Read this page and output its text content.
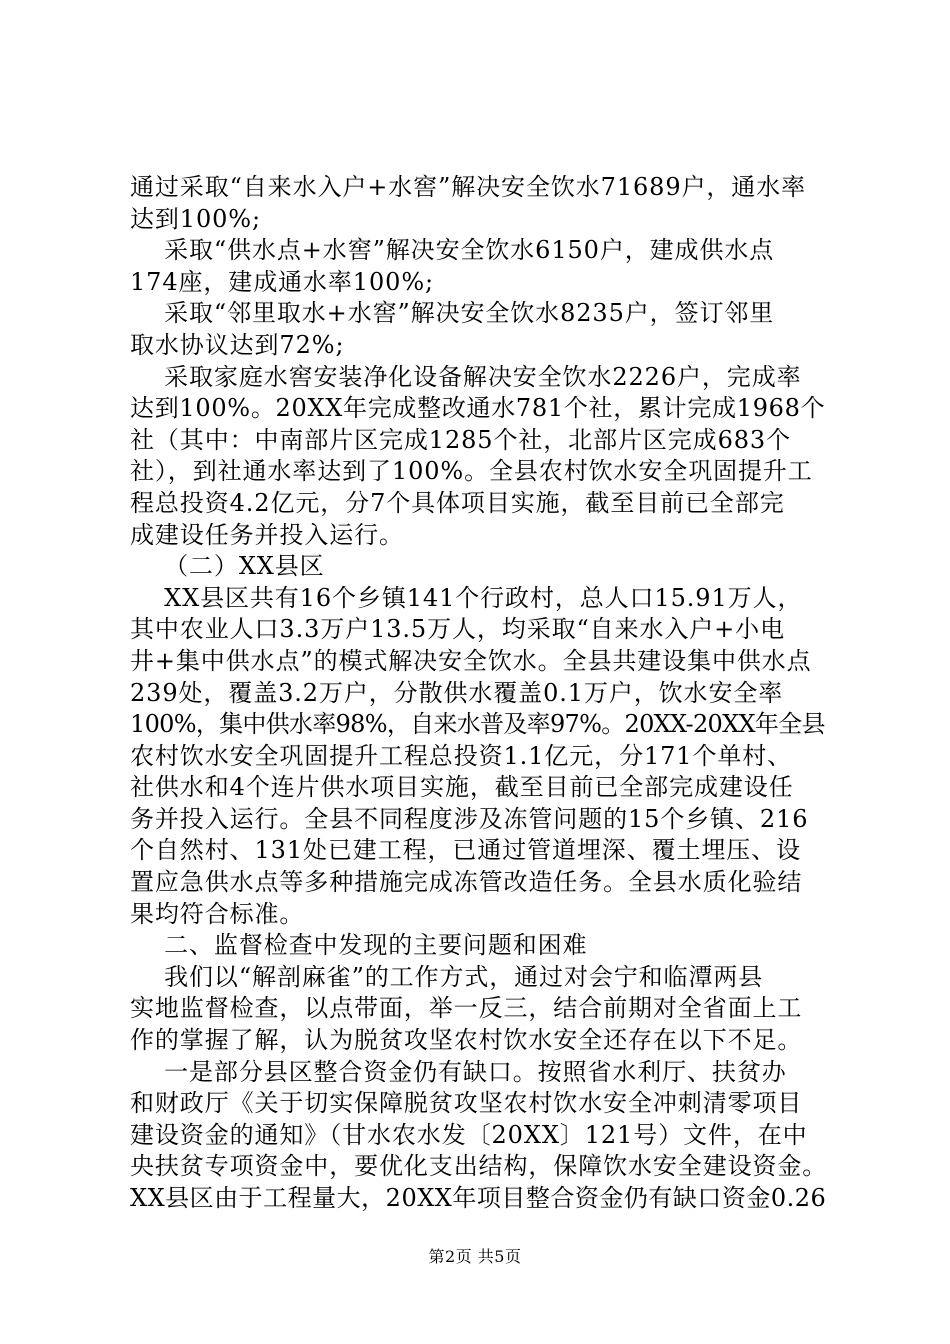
通过采取“自来水入户+水窖”解决安全饮水71689户，通水率
达到100%;
采取“供水点+水窖”解决安全饮水6150户，建成供水点
174座，建成通水率100%;
采取“邻里取水+水窖”解决安全饮水8235户，签订邻里
取水协议达到72%;
采取家庭水窖安装净化设备解决安全饮水2226户，完成率
达到100%。20XX年完成整改通水781个社，累计完成1968个
社（其中：中南部片区完成1285个社，北部片区完成683个
社），到社通水率达到了100%。全县农村饮水安全巩固提升工
程总投资4.2亿元，分7个具体项目实施，截至目前已全部完
成建设任务并投入运行。
（二）XX县区
XX县区共有16个乡镇141个行政村，总人口15.91万人，
其中农业人口3.3万户13.5万人，均采取“自来水入户+小电
井+集中供水点”的模式解决安全饮水。全县共建设集中供水点
239处，覆盖3.2万户，分散供水覆盖0.1万户，饮水安全率
100%，集中供水率98%，自来水普及率97%。20XX-20XX年全县
农村饮水安全巩固提升工程总投资1.1亿元，分171个单村、
社供水和4个连片供水项目实施，截至目前已全部完成建设任
务并投入运行。全县不同程度涉及冻管问题的15个乡镇、216
个自然村、131处已建工程，已通过管道埋深、覆土埋压、设
置应急供水点等多种措施完成冻管改造任务。全县水质化验结
果均符合标准。
二、监督检查中发现的主要问题和困难
我们以“解剖麻雀”的工作方式，通过对会宁和临潭两县
实地监督检查，以点带面，举一反三，结合前期对全省面上工
作的掌握了解，认为脱贫攻坚农村饮水安全还存在以下不足。
一是部分县区整合资金仍有缺口。按照省水利厅、扶贫办
和财政厅《关于切实保障脱贫攻坚农村饮水安全冲刺清零项目
建设资金的通知》（甘水农水发〔20XX〕121号）文件，在中
央扶贫专项资金中，要优化支出结构，保障饮水安全建设资金。
XX县区由于工程量大，20XX年项目整合资金仍有缺口资金0.26
第2页 共5页
